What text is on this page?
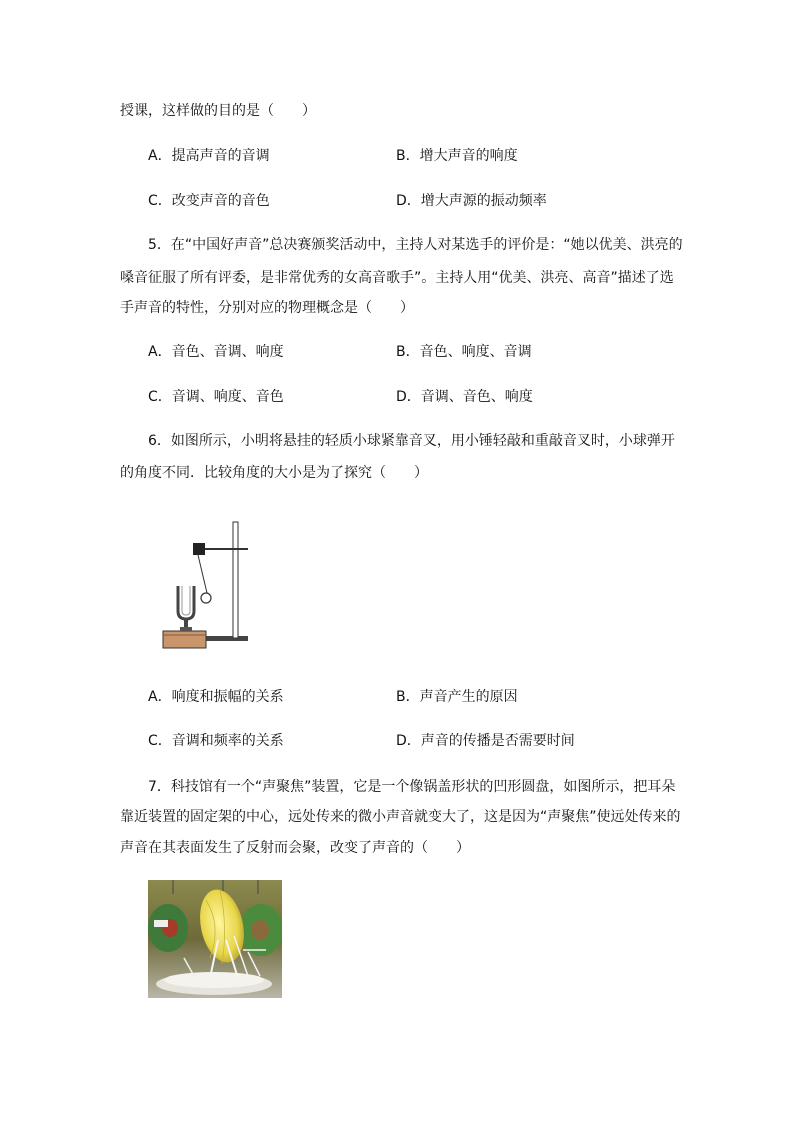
授课，这样做的目的是（　　）
A．提高声音的音调	B．增大声音的响度
C．改变声音的音色	D．增大声源的振动频率
5．在“中国好声音”总决赛颁奖活动中，主持人对某选手的评价是：“她以优美、洪亮的
嗓音征服了所有评委，是非常优秀的女高音歌手”。主持人用“优美、洪亮、高音”描述了选
手声音的特性，分别对应的物理概念是（　　）
A．音色、音调、响度	B．音色、响度、音调
C．音调、响度、音色	D．音调、音色、响度
6．如图所示，小明将悬挂的轻质小球紧靠音叉，用小锤轻敲和重敲音叉时，小球弹开
的角度不同．比较角度的大小是为了探究（　　）
A．响度和振幅的关系	B．声音产生的原因
C．音调和频率的关系	D．声音的传播是否需要时间
7．科技馆有一个“声聚焦”装置，它是一个像锅盖形状的凹形圆盘，如图所示，把耳朵
靠近装置的固定架的中心，远处传来的微小声音就变大了，这是因为“声聚焦”使远处传来的
声音在其表面发生了反射而会聚，改变了声音的（　　）
